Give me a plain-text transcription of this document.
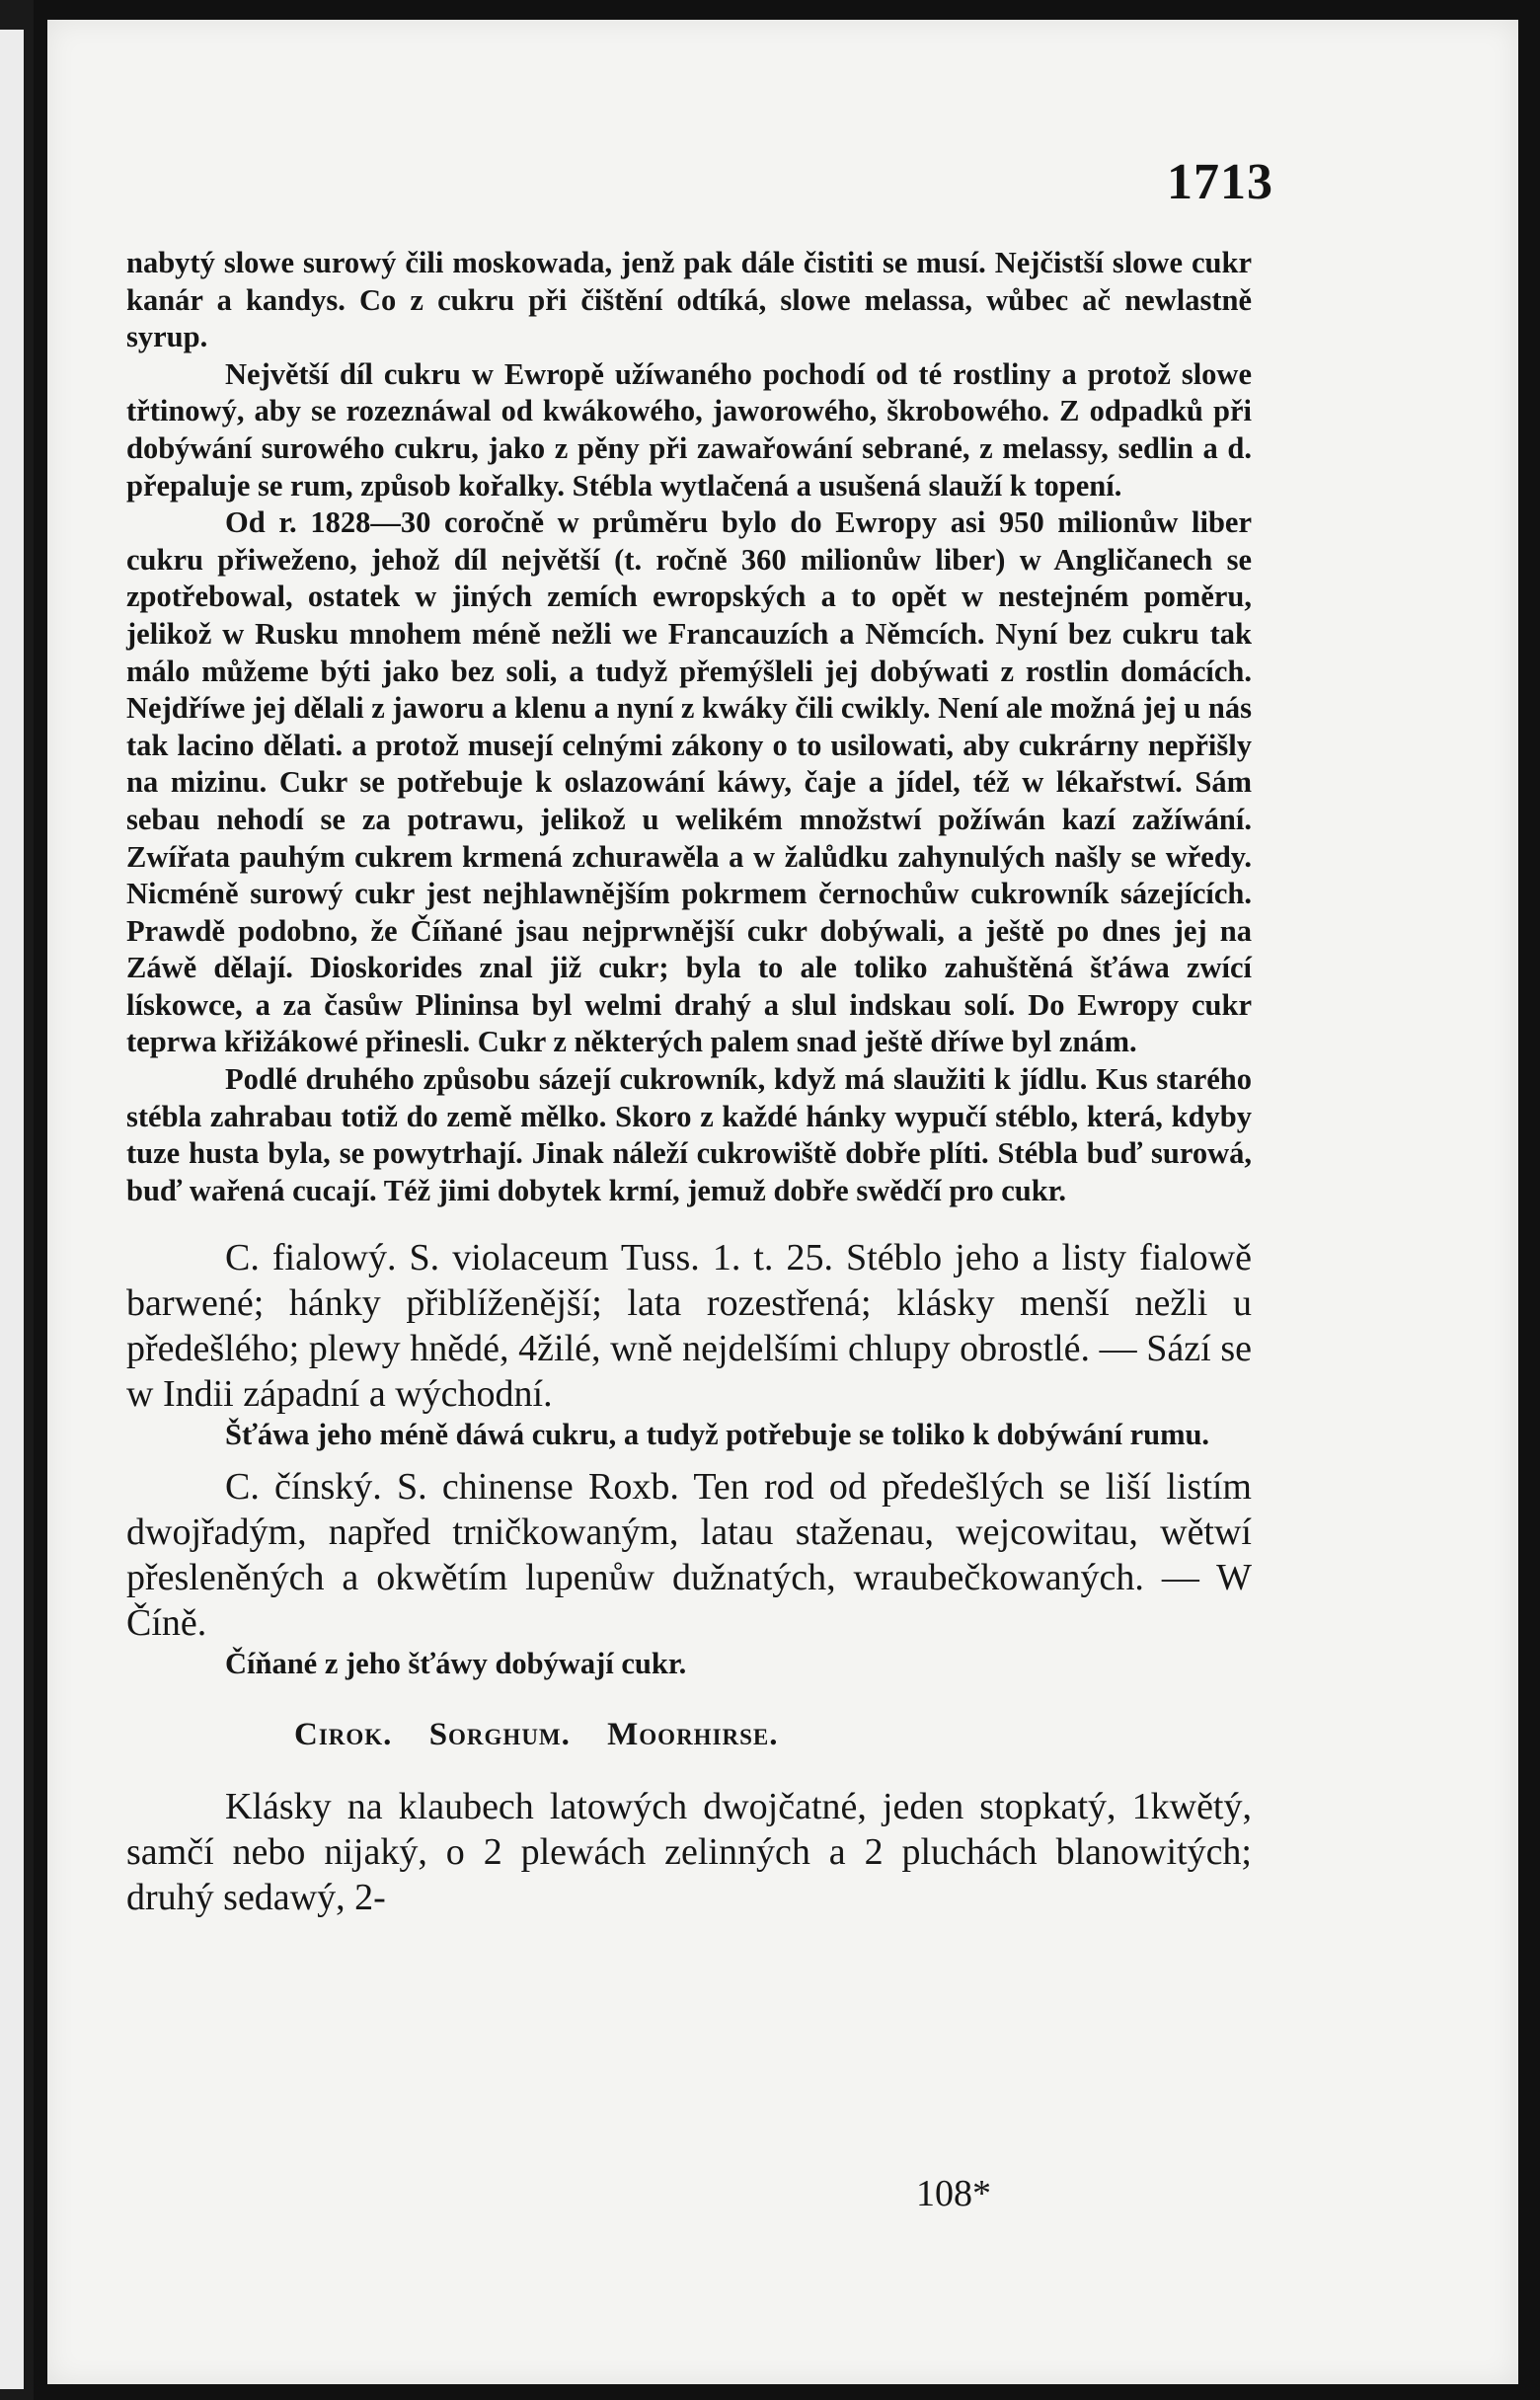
1713

nabytý slowe surowý čili moskowada, jenž pak dále čistiti se musí. Nejčistší slowe cukr kanár a kandys. Co z cukru při čištění odtíká, slowe melassa, wůbec ač newlastně syrup.

Největší díl cukru w Ewropě užíwaného pochodí od té rostliny a protož slowe třtinowý, aby se rozeznáwal od kwákowého, jaworowého, škrobowého. Z odpadků při dobýwání surowého cukru, jako z pěny při zawařowání sebrané, z melassy, sedlin a d. přepaluje se rum, způsob kořalky. Stébla wytlačená a usušená slauží k topení.

Od r. 1828—30 coročně w průměru bylo do Ewropy asi 950 milionůw liber cukru přiweženo, jehož díl největší (t. ročně 360 milionůw liber) w Angličanech se zpotřebowal, ostatek w jiných zemích ewropských a to opět w nestejném poměru, jelikož w Rusku mnohem méně nežli we Francauzích a Němcích. Nyní bez cukru tak málo můžeme býti jako bez soli, a tudyž přemýšleli jej dobýwati z rostlin domácích. Nejdříwe jej dělali z jaworu a klenu a nyní z kwáky čili cwikly. Není ale možná jej u nás tak lacino dělati. a protož musejí celnými zákony o to usilowati, aby cukrárny nepřišly na mizinu. Cukr se potřebuje k oslazowání káwy, čaje a jídel, též w lékařstwí. Sám sebau nehodí se za potrawu, jelikož u welikém množstwí požíwán kazí zažíwání. Zwířata pauhým cukrem krmená zchurawěla a w žalůdku zahynulých našly se wředy. Nicméně surowý cukr jest nejhlawnějším pokrmem černochůw cukrowník sázejících. Prawdě podobno, že Číňané jsau nejprwnější cukr dobýwali, a ještě po dnes jej na Záwě dělají. Dioskorides znal již cukr; byla to ale toliko zahuštěná šťáwa zwící lískowce, a za časůw Plininsa byl welmi drahý a slul indskau solí. Do Ewropy cukr teprwa křižákowé přinesli. Cukr z některých palem snad ještě dříwe byl znám.

Podlé druhého způsobu sázejí cukrowník, když má slaužiti k jídlu. Kus starého stébla zahrabau totiž do země mělko. Skoro z každé hánky wypučí stéblo, která, kdyby tuze husta byla, se powytrhají. Jinak náleží cukrowiště dobře plíti. Stébla buď surowá, buď wařená cucají. Též jimi dobytek krmí, jemuž dobře swědčí pro cukr.

C. fialowý. S. violaceum Tuss. 1. t. 25. Stéblo jeho a listy fialowě barwené; hánky přiblíženější; lata rozestřená; klásky menší nežli u předešlého; plewy hnědé, 4žilé, wně nejdelšími chlupy obrostlé. — Sází se w Indii západní a wýchodní.

Šťáwa jeho méně dáwá cukru, a tudyž potřebuje se toliko k dobýwání rumu.

C. čínský. S. chinense Roxb. Ten rod od předešlých se liší listím dwojřadým, napřed trničkowaným, latau staženau, wejcowitau, wětwí přesleněných a okwětím lupenůw dužnatých, wraubečkowaných. — W Číně.

Číňané z jeho šťáwy dobýwají cukr.

Cirok. Sorghum. Moorhirse.

Klásky na klaubech latowých dwojčatné, jeden stopkatý, 1kwětý, samčí nebo nijaký, o 2 plewách zelinných a 2 pluchách blanowitých; druhý sedawý, 2-

108*
